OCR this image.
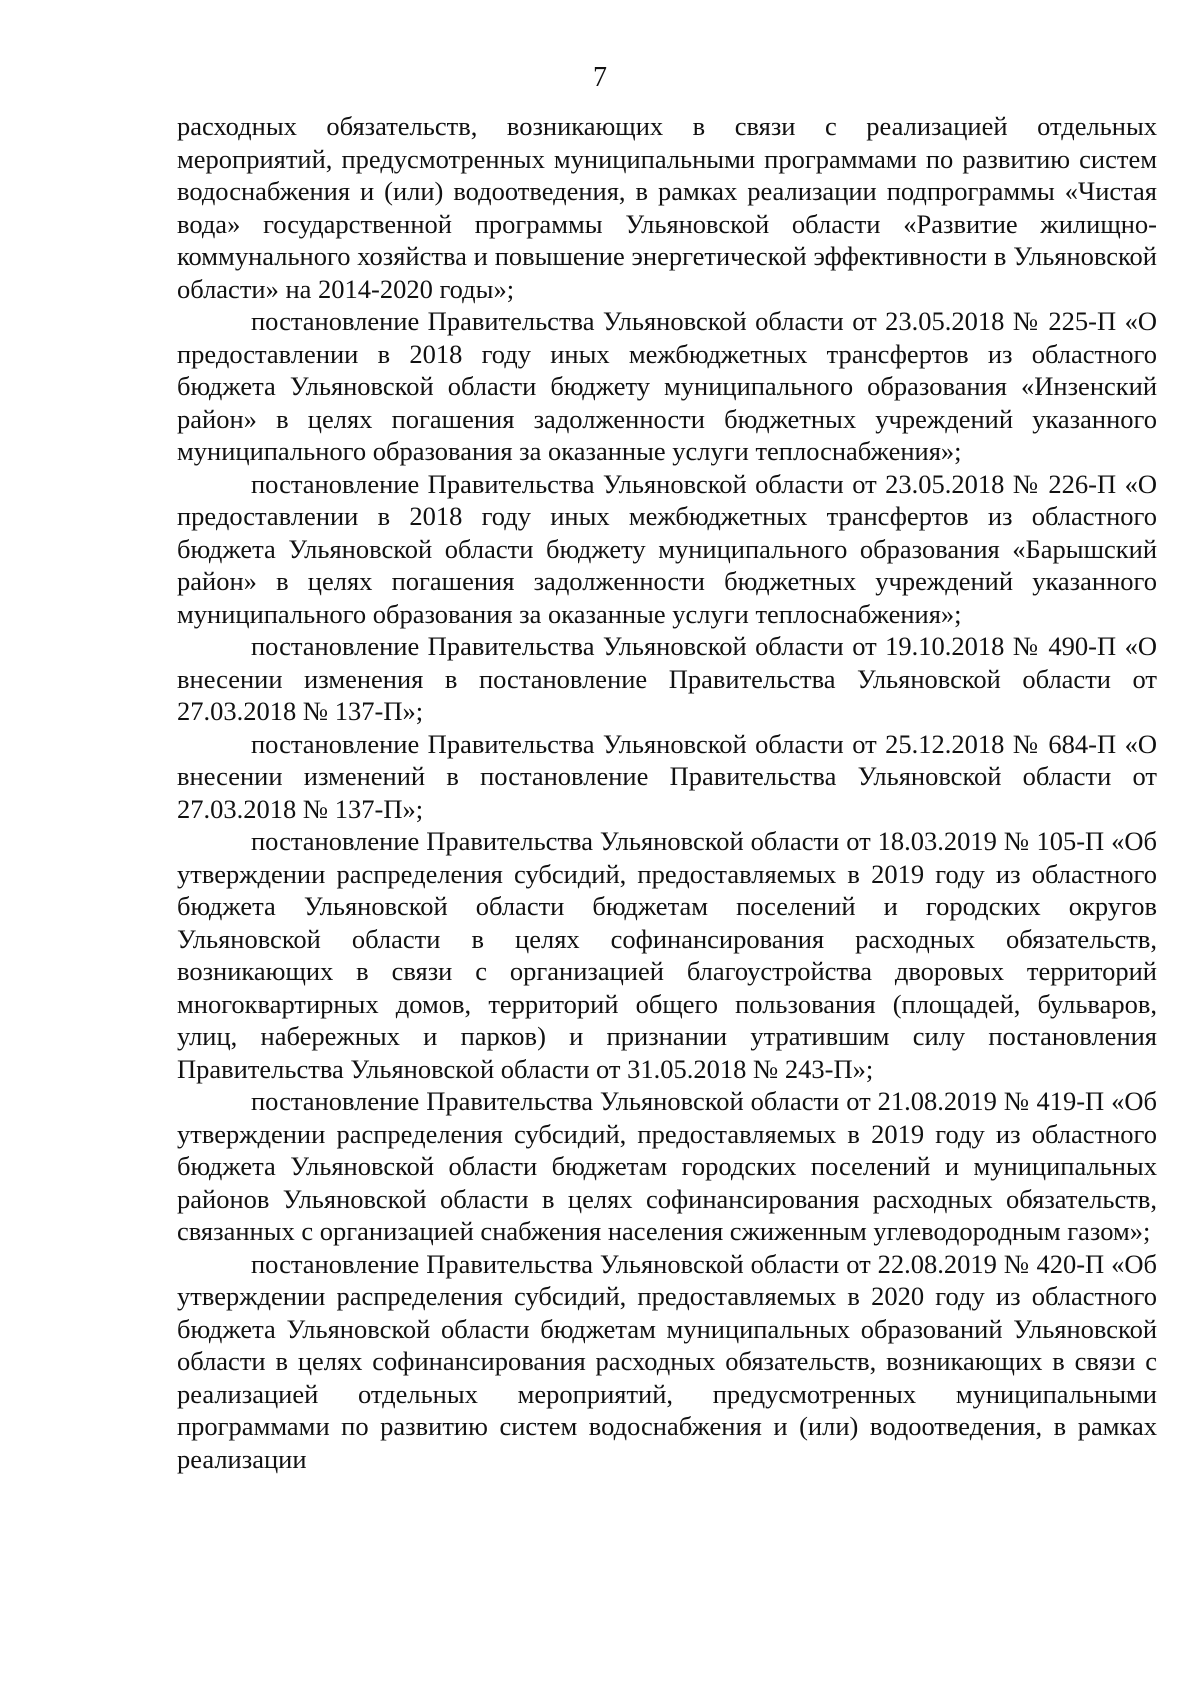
7

расходных обязательств, возникающих в связи с реализацией отдельных мероприятий, предусмотренных муниципальными программами по развитию систем водоснабжения и (или) водоотведения, в рамках реализации подпрограммы «Чистая вода» государственной программы Ульяновской области «Развитие жилищно-коммунального хозяйства и повышение энергетической эффективности в Ульяновской области» на 2014-2020 годы»;

постановление Правительства Ульяновской области от 23.05.2018 № 225-П «О предоставлении в 2018 году иных межбюджетных трансфертов из областного бюджета Ульяновской области бюджету муниципального образования «Инзенский район» в целях погашения задолженности бюджетных учреждений указанного муниципального образования за оказанные услуги теплоснабжения»;

постановление Правительства Ульяновской области от 23.05.2018 № 226-П «О предоставлении в 2018 году иных межбюджетных трансфертов из областного бюджета Ульяновской области бюджету муниципального образования «Барышский район» в целях погашения задолженности бюджетных учреждений указанного муниципального образования за оказанные услуги теплоснабжения»;

постановление Правительства Ульяновской области от 19.10.2018 № 490-П «О внесении изменения в постановление Правительства Ульяновской области от 27.03.2018 № 137-П»;

постановление Правительства Ульяновской области от 25.12.2018 № 684-П «О внесении изменений в постановление Правительства Ульяновской области от 27.03.2018 № 137-П»;

постановление Правительства Ульяновской области от 18.03.2019 № 105-П «Об утверждении распределения субсидий, предоставляемых в 2019 году из областного бюджета Ульяновской области бюджетам поселений и городских округов Ульяновской области в целях софинансирования расходных обязательств, возникающих в связи с организацией благоустройства дворовых территорий многоквартирных домов, территорий общего пользования (площадей, бульваров, улиц, набережных и парков) и признании утратившим силу постановления Правительства Ульяновской области от 31.05.2018 № 243-П»;

постановление Правительства Ульяновской области от 21.08.2019 № 419-П «Об утверждении распределения субсидий, предоставляемых в 2019 году из областного бюджета Ульяновской области бюджетам городских поселений и муниципальных районов Ульяновской области в целях софинансирования расходных обязательств, связанных с организацией снабжения населения сжиженным углеводородным газом»;

постановление Правительства Ульяновской области от 22.08.2019 № 420-П «Об утверждении распределения субсидий, предоставляемых в 2020 году из областного бюджета Ульяновской области бюджетам муниципальных образований Ульяновской области в целях софинансирования расходных обязательств, возникающих в связи с реализацией отдельных мероприятий, предусмотренных муниципальными программами по развитию систем водоснабжения и (или) водоотведения, в рамках реализации
